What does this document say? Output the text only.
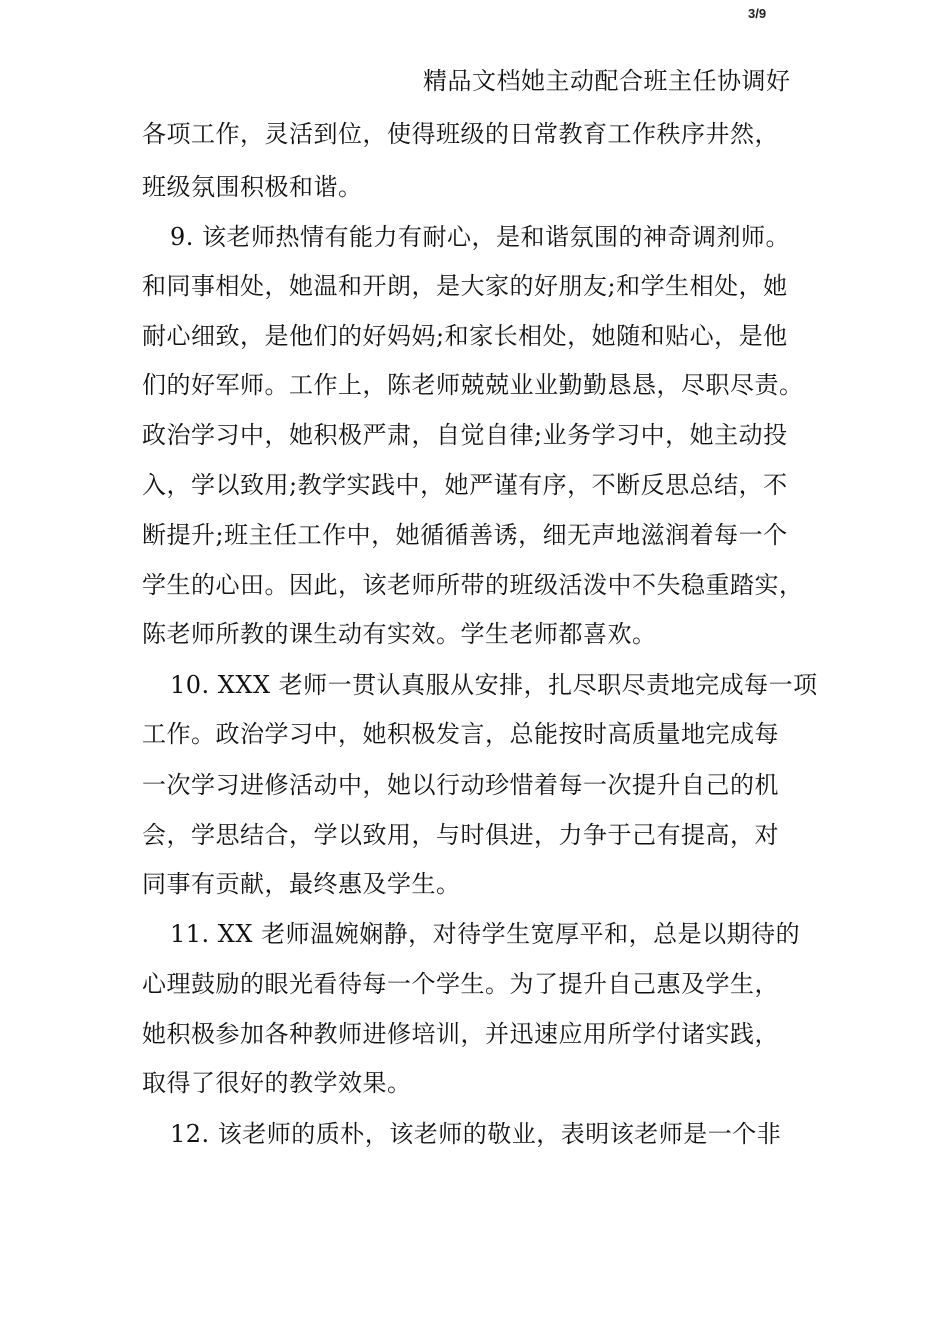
3/9
精品文档她主动配合班主任协调好
各项工作，灵活到位，使得班级的日常教育工作秩序井然，
班级氛围积极和谐。
9. 该老师热情有能力有耐心，是和谐氛围的神奇调剂师。
和同事相处，她温和开朗，是大家的好朋友;和学生相处，她
耐心细致，是他们的好妈妈;和家长相处，她随和贴心，是他
们的好军师。工作上，陈老师兢兢业业勤勤恳恳，尽职尽责。
政治学习中，她积极严肃，自觉自律;业务学习中，她主动投
入，学以致用;教学实践中，她严谨有序，不断反思总结，不
断提升;班主任工作中，她循循善诱，细无声地滋润着每一个
学生的心田。因此，该老师所带的班级活泼中不失稳重踏实，
陈老师所教的课生动有实效。学生老师都喜欢。
10. XXX 老师一贯认真服从安排，扎尽职尽责地完成每一项
工作。政治学习中，她积极发言，总能按时高质量地完成每
一次学习进修活动中，她以行动珍惜着每一次提升自己的机
会，学思结合，学以致用，与时俱进，力争于己有提高，对
同事有贡献，最终惠及学生。
11. XX 老师温婉娴静，对待学生宽厚平和，总是以期待的
心理鼓励的眼光看待每一个学生。为了提升自己惠及学生，
她积极参加各种教师进修培训，并迅速应用所学付诸实践，
取得了很好的教学效果。
12. 该老师的质朴，该老师的敬业，表明该老师是一个非
